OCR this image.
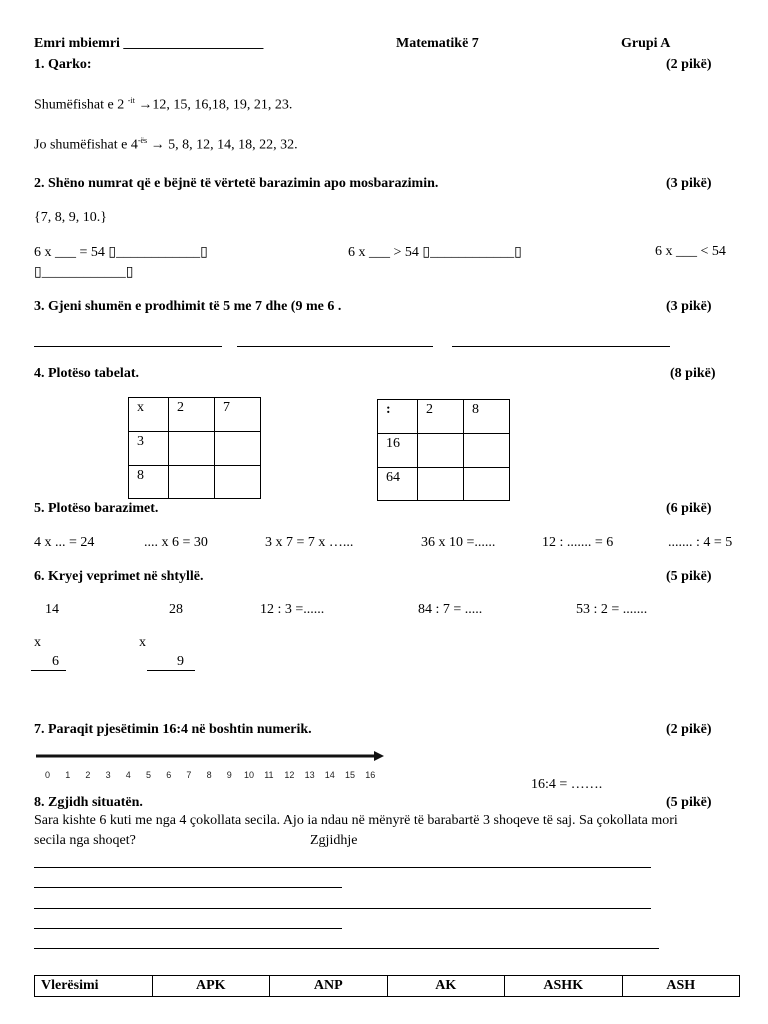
Emri mbiemri ____________________	Matematikë 7	Grupi A
1. Qarko:	(2 pikë)
Shumëfishat e 2 $^{-it}$ →12, 15, 16,18, 19, 21, 23.
Jo shumëfishat e $4^{-ës} \to 5$, 8, 12, 14, 18, 22, 32.
2. Shëno numrat që e bëjnë të vërtetë barazimin apo mosbarazimin.	(3 pikë)
{7, 8, 9, 10.}
6 x ___ = 54 ▯____________▯	6 x ___ > 54 ▯____________▯	6 x ___ < 54
▯____________▯
3. Gjeni shumën e prodhimit të 5 me 7 dhe (9 me 6 .	(3 pikë)
4. Plotëso tabelat.	(8 pikë)
x	2	7
3		
8		
:	2	8
16		
64		
5. Plotëso barazimet.	(6 pikë)
4 x ... = 24	.... x 6 = 30	3 x 7 = 7 x …...	36 x 10 =......	12 : ....... = 6	....... : 4 = 5
6. Kryej veprimet në shtyllë.	(5 pikë)
14
x
6
28
x
9
12 : 3 =......	84 : 7 = .....	53 : 2 = .......
7. Paraqit pjesëtimin 16:4 në boshtin numerik.	(2 pikë)
0 1 2 3 4 5 6 7 8 9 10 11 12 13 14 15 16
16:4 = …….
8. Zgjidh situatën.	(5 pikë)
Sara kishte 6 kuti me nga 4 çokollata secila. Ajo ia ndau në mënyrë të barabartë 3 shoqeve të saj. Sa çokollata mori
secila nga shoqet?	Zgjidhje
Vlerësimi	APK	ANP	AK	ASHK	ASH
